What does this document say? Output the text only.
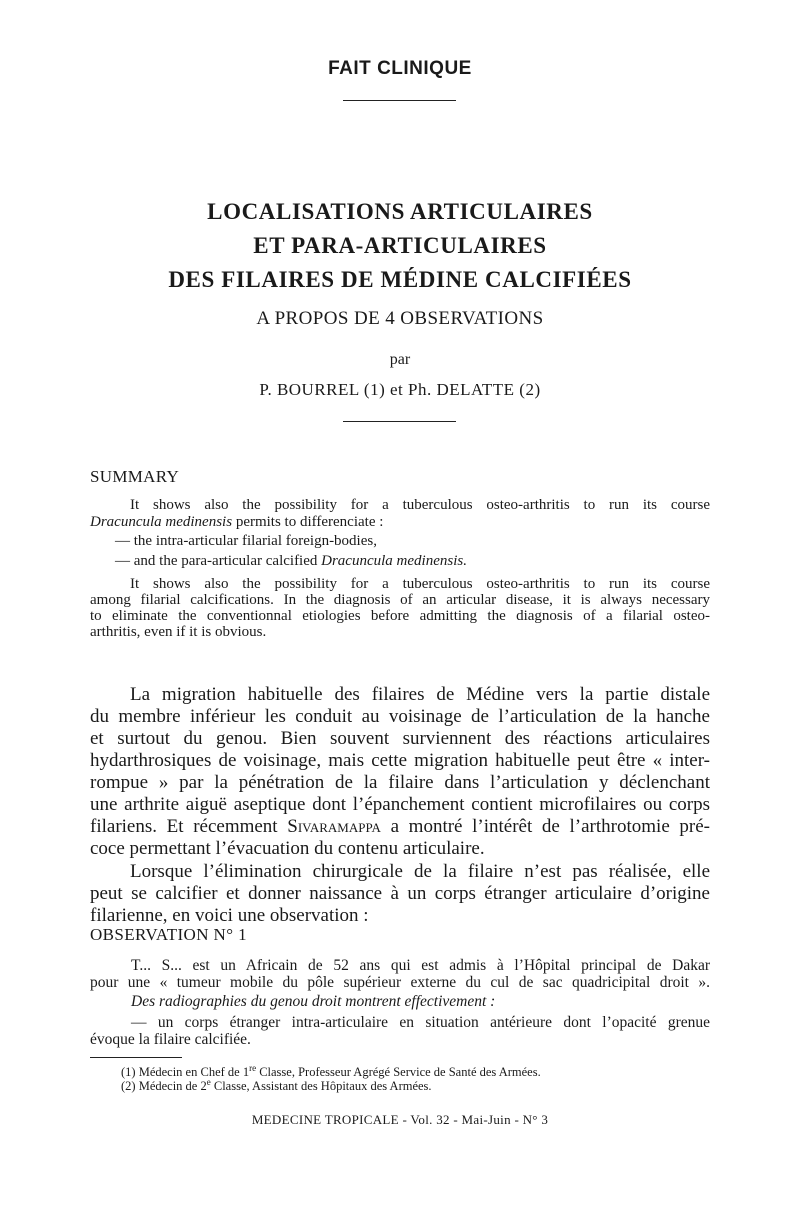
FAIT CLINIQUE
LOCALISATIONS ARTICULAIRES
ET PARA-ARTICULAIRES
DES FILAIRES DE MÉDINE CALCIFIÉES
A PROPOS DE 4 OBSERVATIONS
par
P. BOURREL (1) et Ph. DELATTE (2)
SUMMARY
It shows also the possibility for a tuberculous osteo-arthritis to run its course
Dracuncula medinensis permits to differenciate :
— the intra-articular filarial foreign-bodies,
— and the para-articular calcified Dracuncula medinensis.
It shows also the possibility for a tuberculous osteo-arthritis to run its course
among filarial calcifications. In the diagnosis of an articular disease, it is always necessary
to eliminate the conventionnal etiologies before admitting the diagnosis of a filarial osteo-
arthritis, even if it is obvious.
La migration habituelle des filaires de Médine vers la partie distale
du membre inférieur les conduit au voisinage de l’articulation de la hanche
et surtout du genou. Bien souvent surviennent des réactions articulaires
hydarthrosiques de voisinage, mais cette migration habituelle peut être « inter-
rompue » par la pénétration de la filaire dans l’articulation y déclenchant
une arthrite aiguë aseptique dont l’épanchement contient microfilaires ou corps
filariens. Et récemment Sivaramappa a montré l’intérêt de l’arthrotomie pré-
coce permettant l’évacuation du contenu articulaire.
Lorsque l’élimination chirurgicale de la filaire n’est pas réalisée, elle
peut se calcifier et donner naissance à un corps étranger articulaire d’origine
filarienne, en voici une observation :
OBSERVATION N° 1
T... S... est un Africain de 52 ans qui est admis à l’Hôpital principal de Dakar
pour une « tumeur mobile du pôle supérieur externe du cul de sac quadricipital droit ».
Des radiographies du genou droit montrent effectivement :
— un corps étranger intra-articulaire en situation antérieure dont l’opacité grenue
évoque la filaire calcifiée.
(1) Médecin en Chef de 1re Classe, Professeur Agrégé Service de Santé des Armées.
(2) Médecin de 2e Classe, Assistant des Hôpitaux des Armées.
MEDECINE TROPICALE - Vol. 32 - Mai-Juin - N° 3
